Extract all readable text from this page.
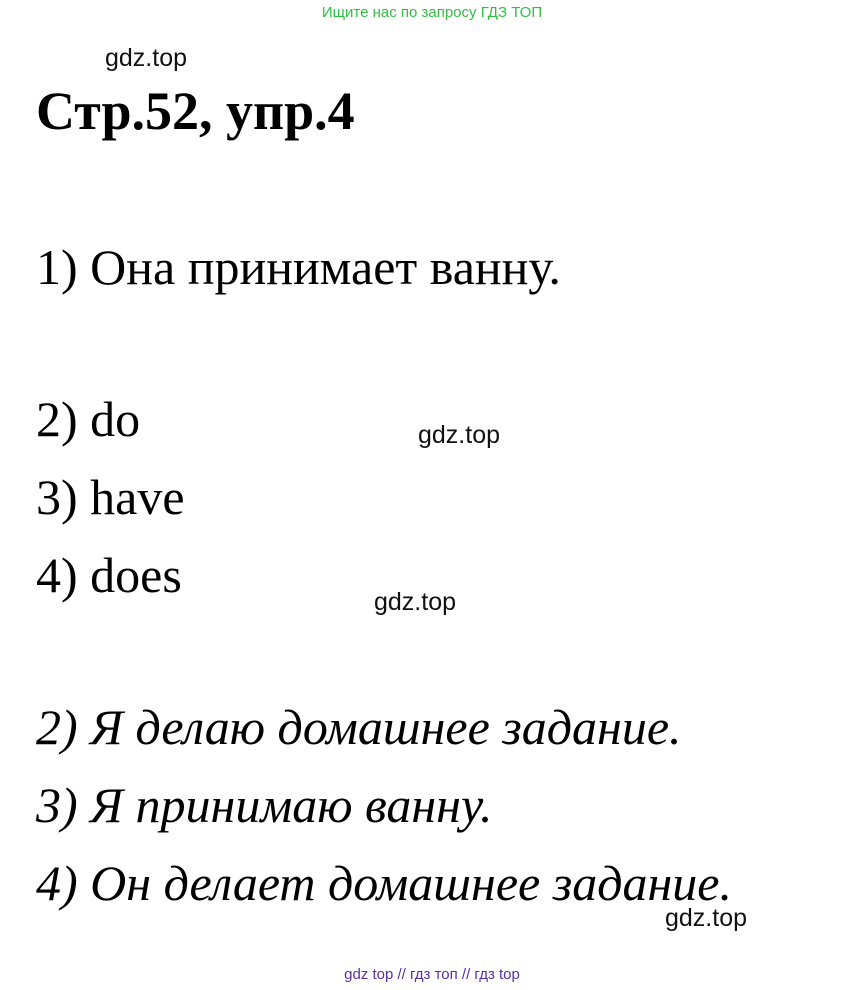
Ищите нас по запросу ГДЗ ТОП
gdz.top
Стр.52, упр.4
1) Она принимает ванну.
2) do	gdz.top
3) have
4) does	gdz.top
2) Я делаю домашнее задание.
3) Я принимаю ванну.
4) Он делает домашнее задание.
gdz.top
gdz top // гдз топ // гдз top
